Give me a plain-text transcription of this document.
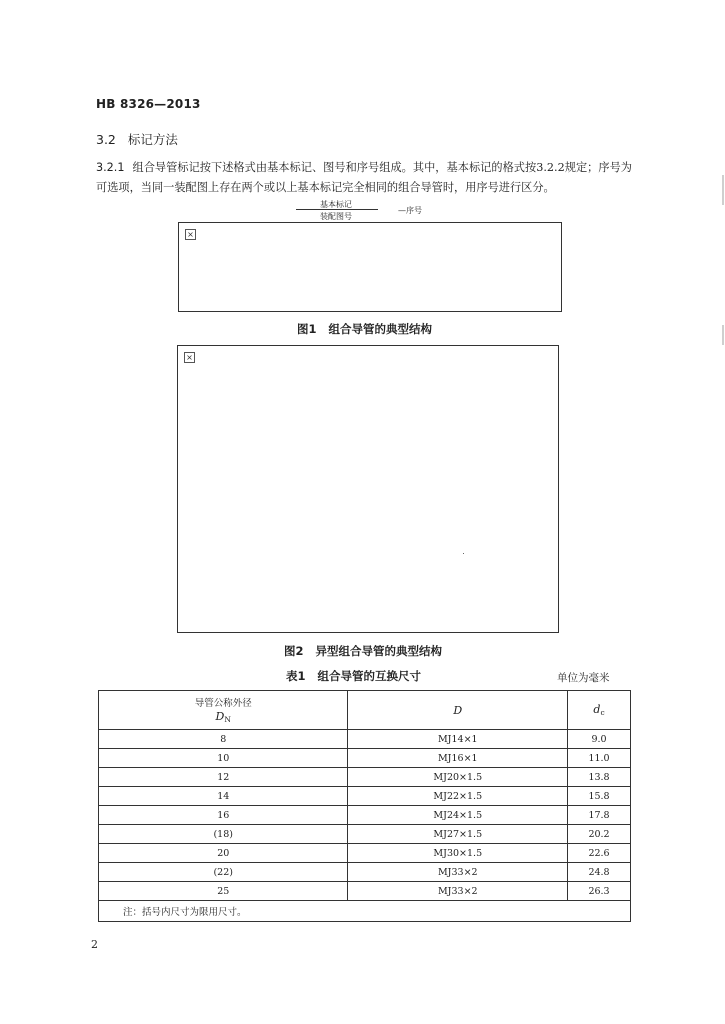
HB 8326—2013
3.2 标记方法
3.2.1 组合导管标记按下述格式由基本标记、图号和序号组成。其中，基本标记的格式按3.2.2规定；序号为可选项，当同一装配图上存在两个或以上基本标记完全相同的组合导管时，用序号进行区分。
基本标记
装配图号
—序号
×
图1 组合导管的典型结构
×
图2 异型组合导管的典型结构
表1 组合导管的互换尺寸	单位为毫米
导管公称外径
$D_N$	D	$d_c$
8	MJ14×1	9.0
10	MJ16×1	11.0
12	MJ20×1.5	13.8
14	MJ22×1.5	15.8
16	MJ24×1.5	17.8
(18)	MJ27×1.5	20.2
20	MJ30×1.5	22.6
(22)	MJ33×2	24.8
25	MJ33×2	26.3
注：括号内尺寸为限用尺寸。		
2
